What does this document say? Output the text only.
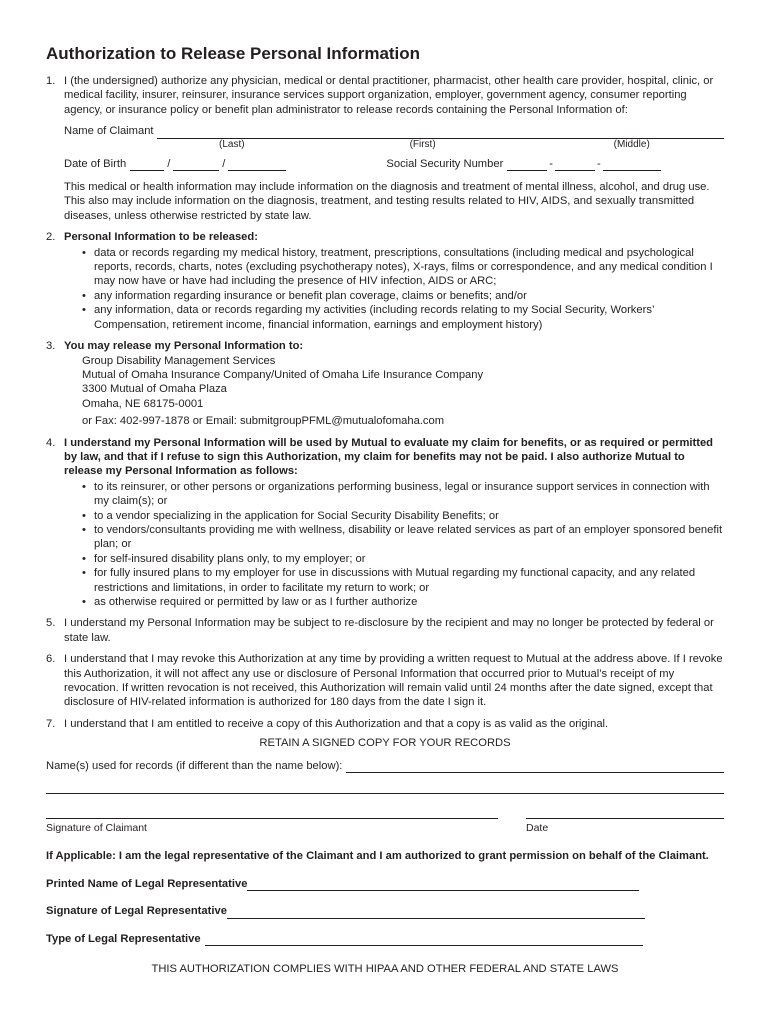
Authorization to Release Personal Information
1. I (the undersigned) authorize any physician, medical or dental practitioner, pharmacist, other health care provider, hospital, clinic, or medical facility, insurer, reinsurer, insurance services support organization, employer, government agency, consumer reporting agency, or insurance policy or benefit plan administrator to release records containing the Personal Information of:

Name of Claimant
(Last)	(First)	(Middle)
Date of Birth	/	/	Social Security Number	-	-

This medical or health information may include information on the diagnosis and treatment of mental illness, alcohol, and drug use. This also may include information on the diagnosis, treatment, and testing results related to HIV, AIDS, and sexually transmitted diseases, unless otherwise restricted by state law.

2. Personal Information to be released:

• data or records regarding my medical history, treatment, prescriptions, consultations (including medical and psychological reports, records, charts, notes (excluding psychotherapy notes), X-rays, films or correspondence, and any medical condition I may now have or have had including the presence of HIV infection, AIDS or ARC;
• any information regarding insurance or benefit plan coverage, claims or benefits; and/or
• any information, data or records regarding my activities (including records relating to my Social Security, Workers’ Compensation, retirement income, financial information, earnings and employment history)
3. You may release my Personal Information to:

Group Disability Management Services
Mutual of Omaha Insurance Company/United of Omaha Life Insurance Company
3300 Mutual of Omaha Plaza
Omaha, NE 68175-0001
or Fax: 402-997-1878 or Email: submitgroupPFML@mutualofomaha.com
4. I understand my Personal Information will be used by Mutual to evaluate my claim for benefits, or as required or permitted by law, and that if I refuse to sign this Authorization, my claim for benefits may not be paid. I also authorize Mutual to release my Personal Information as follows:

• to its reinsurer, or other persons or organizations performing business, legal or insurance support services in connection with my claim(s); or
• to a vendor specializing in the application for Social Security Disability Benefits; or
• to vendors/consultants providing me with wellness, disability or leave related services as part of an employer sponsored benefit plan; or
• for self-insured disability plans only, to my employer; or
• for fully insured plans to my employer for use in discussions with Mutual regarding my functional capacity, and any related restrictions and limitations, in order to facilitate my return to work; or
• as otherwise required or permitted by law or as I further authorize
5. I understand my Personal Information may be subject to re-disclosure by the recipient and may no longer be protected by federal or state law.

6. I understand that I may revoke this Authorization at any time by providing a written request to Mutual at the address above. If I revoke this Authorization, it will not affect any use or disclosure of Personal Information that occurred prior to Mutual’s receipt of my revocation. If written revocation is not received, this Authorization will remain valid until 24 months after the date signed, except that disclosure of HIV-related information is authorized for 180 days from the date I sign it.

7. I understand that I am entitled to receive a copy of this Authorization and that a copy is as valid as the original.

RETAIN A SIGNED COPY FOR YOUR RECORDS
Name(s) used for records (if different than the name below):
Signature of Claimant	Date

If Applicable: I am the legal representative of the Claimant and I am authorized to grant permission on behalf of the Claimant.

Printed Name of Legal Representative
Signature of Legal Representative
Type of Legal Representative
THIS AUTHORIZATION COMPLIES WITH HIPAA AND OTHER FEDERAL AND STATE LAWS
